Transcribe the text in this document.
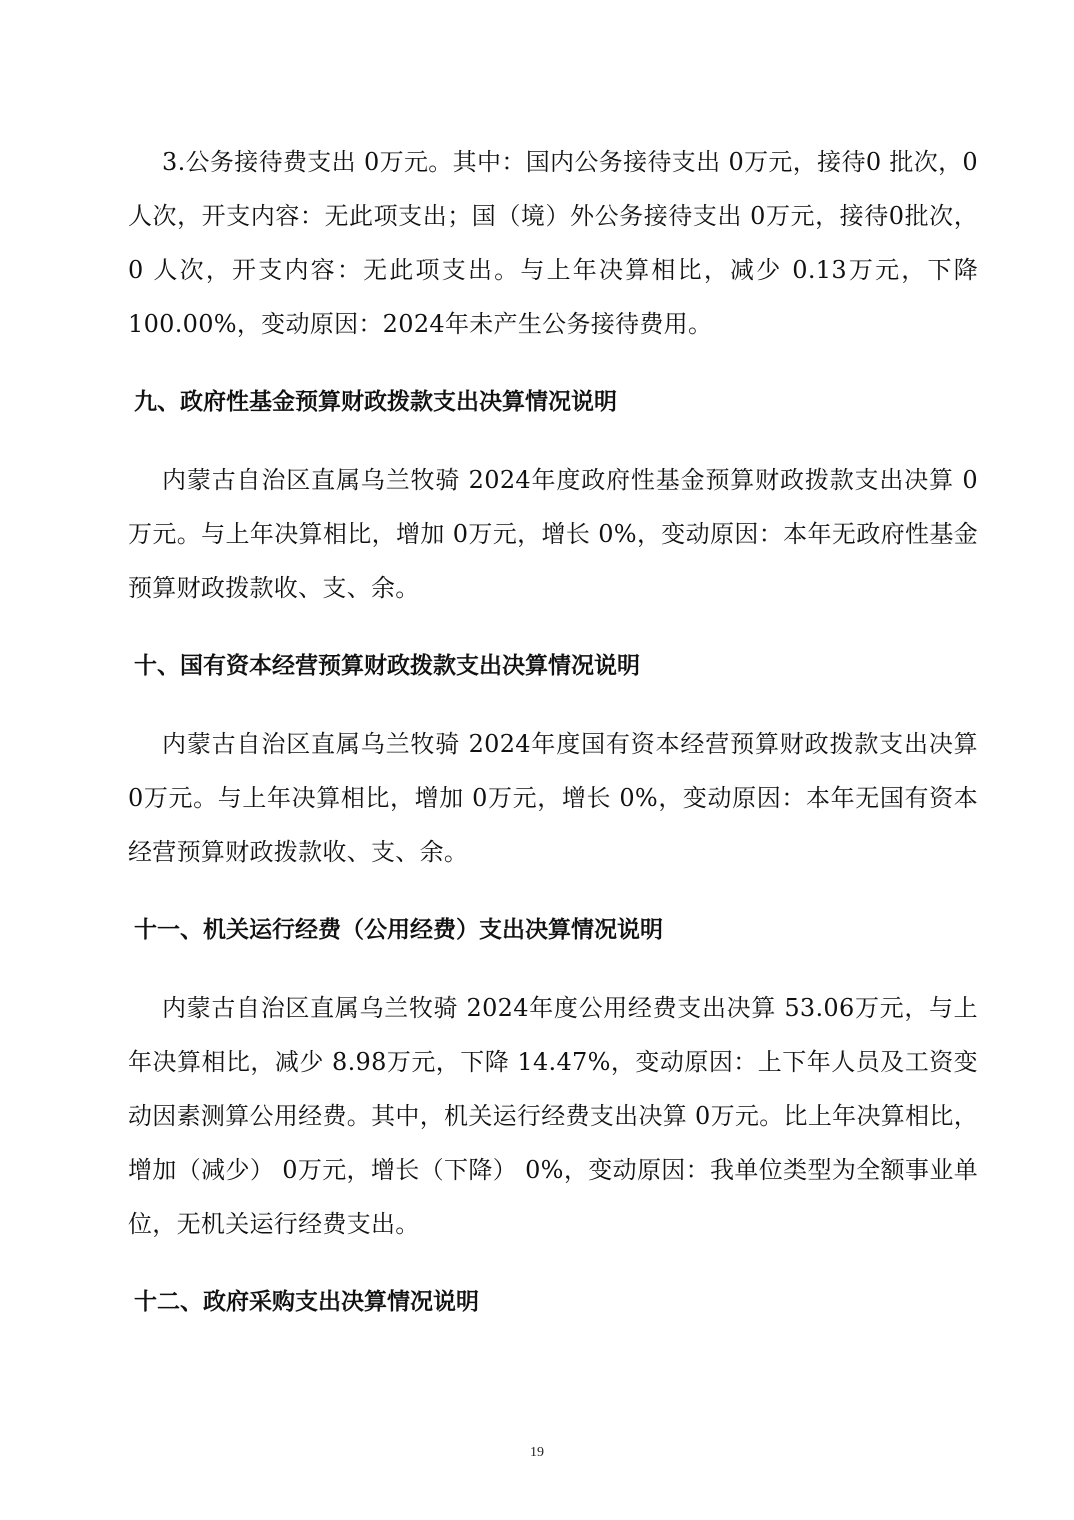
3.公务接待费支出 0万元。其中：国内公务接待支出 0万元，接待0 批次，0 人次，开支内容：无此项支出；国（境）外公务接待支出 0万元，接待0批次，0 人次，开支内容：无此项支出。与上年决算相比，减少 0.13万元，下降 100.00%，变动原因：2024年未产生公务接待费用。

九、政府性基金预算财政拨款支出决算情况说明

内蒙古自治区直属乌兰牧骑 2024年度政府性基金预算财政拨款支出决算 0万元。与上年决算相比，增加 0万元，增长 0%，变动原因：本年无政府性基金预算财政拨款收、支、余。

十、国有资本经营预算财政拨款支出决算情况说明

内蒙古自治区直属乌兰牧骑 2024年度国有资本经营预算财政拨款支出决算 0万元。与上年决算相比，增加 0万元，增长 0%，变动原因：本年无国有资本经营预算财政拨款收、支、余。

十一、机关运行经费（公用经费）支出决算情况说明

内蒙古自治区直属乌兰牧骑 2024年度公用经费支出决算 53.06万元，与上年决算相比，减少 8.98万元，下降 14.47%，变动原因：上下年人员及工资变动因素测算公用经费。其中，机关运行经费支出决算 0万元。比上年决算相比，增加（减少） 0万元，增长（下降） 0%，变动原因：我单位类型为全额事业单位，无机关运行经费支出。

十二、政府采购支出决算情况说明
19
